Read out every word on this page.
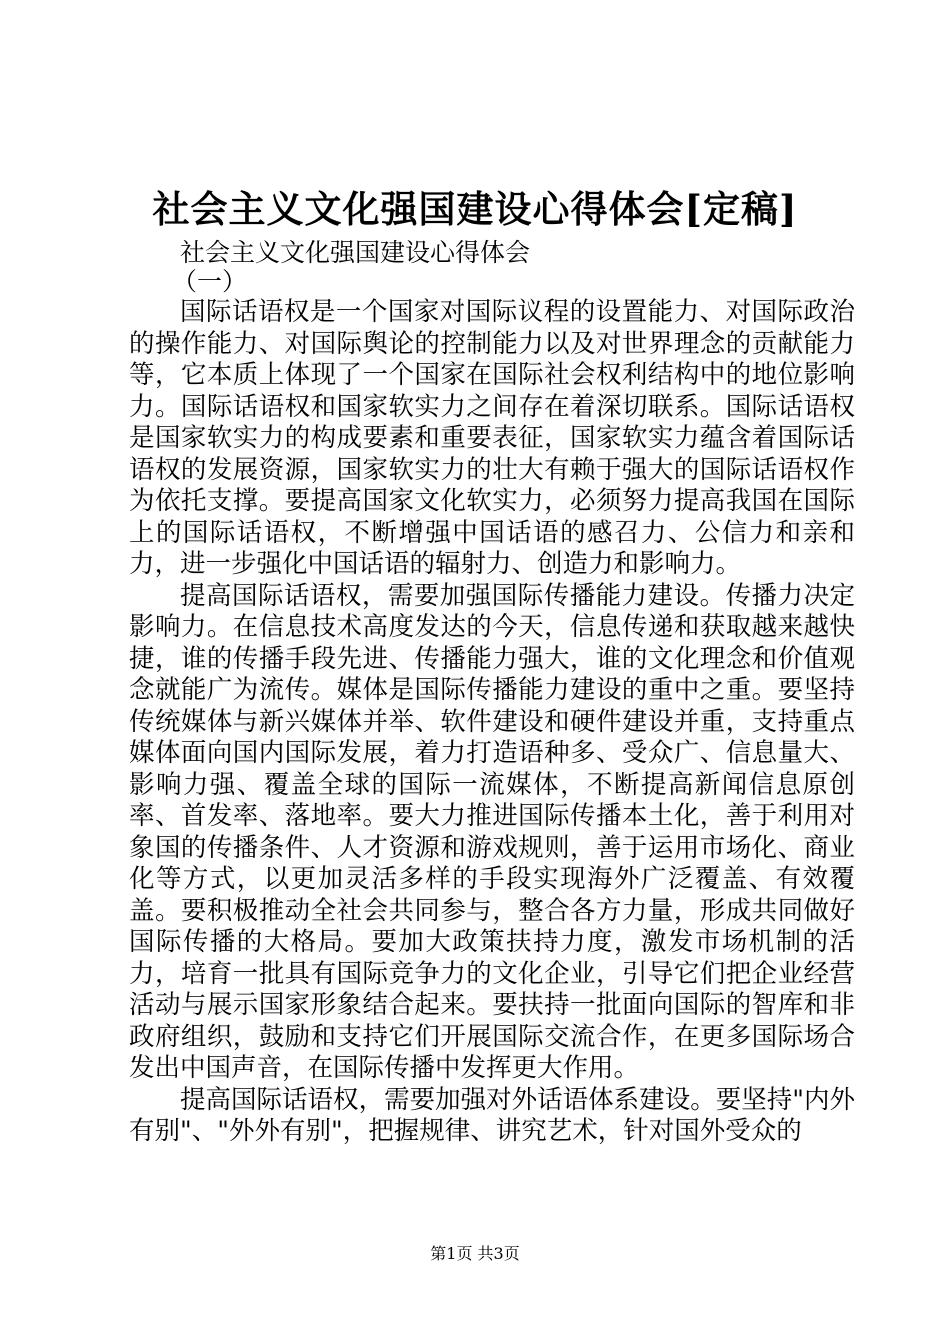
社会主义文化强国建设心得体会[定稿]
社会主义文化强国建设心得体会
（一）

国际话语权是一个国家对国际议程的设置能力、对国际政治的操作能力、对国际舆论的控制能力以及对世界理念的贡献能力等，它本质上体现了一个国家在国际社会权利结构中的地位影响力。国际话语权和国家软实力之间存在着深切联系。国际话语权是国家软实力的构成要素和重要表征，国家软实力蕴含着国际话语权的发展资源，国家软实力的壮大有赖于强大的国际话语权作为依托支撑。要提高国家文化软实力，必须努力提高我国在国际上的国际话语权，不断增强中国话语的感召力、公信力和亲和力，进一步强化中国话语的辐射力、创造力和影响力。

提高国际话语权，需要加强国际传播能力建设。传播力决定影响力。在信息技术高度发达的今天，信息传递和获取越来越快捷，谁的传播手段先进、传播能力强大，谁的文化理念和价值观念就能广为流传。媒体是国际传播能力建设的重中之重。要坚持传统媒体与新兴媒体并举、软件建设和硬件建设并重，支持重点媒体面向国内国际发展，着力打造语种多、受众广、信息量大、影响力强、覆盖全球的国际一流媒体，不断提高新闻信息原创率、首发率、落地率。要大力推进国际传播本土化，善于利用对象国的传播条件、人才资源和游戏规则，善于运用市场化、商业化等方式，以更加灵活多样的手段实现海外广泛覆盖、有效覆盖。要积极推动全社会共同参与，整合各方力量，形成共同做好国际传播的大格局。要加大政策扶持力度，激发市场机制的活力，培育一批具有国际竞争力的文化企业，引导它们把企业经营活动与展示国家形象结合起来。要扶持一批面向国际的智库和非政府组织，鼓励和支持它们开展国际交流合作，在更多国际场合发出中国声音，在国际传播中发挥更大作用。

提高国际话语权，需要加强对外话语体系建设。要坚持"内外有别"、"外外有别"，把握规律、讲究艺术，针对国外受众的

第1页 共3页
